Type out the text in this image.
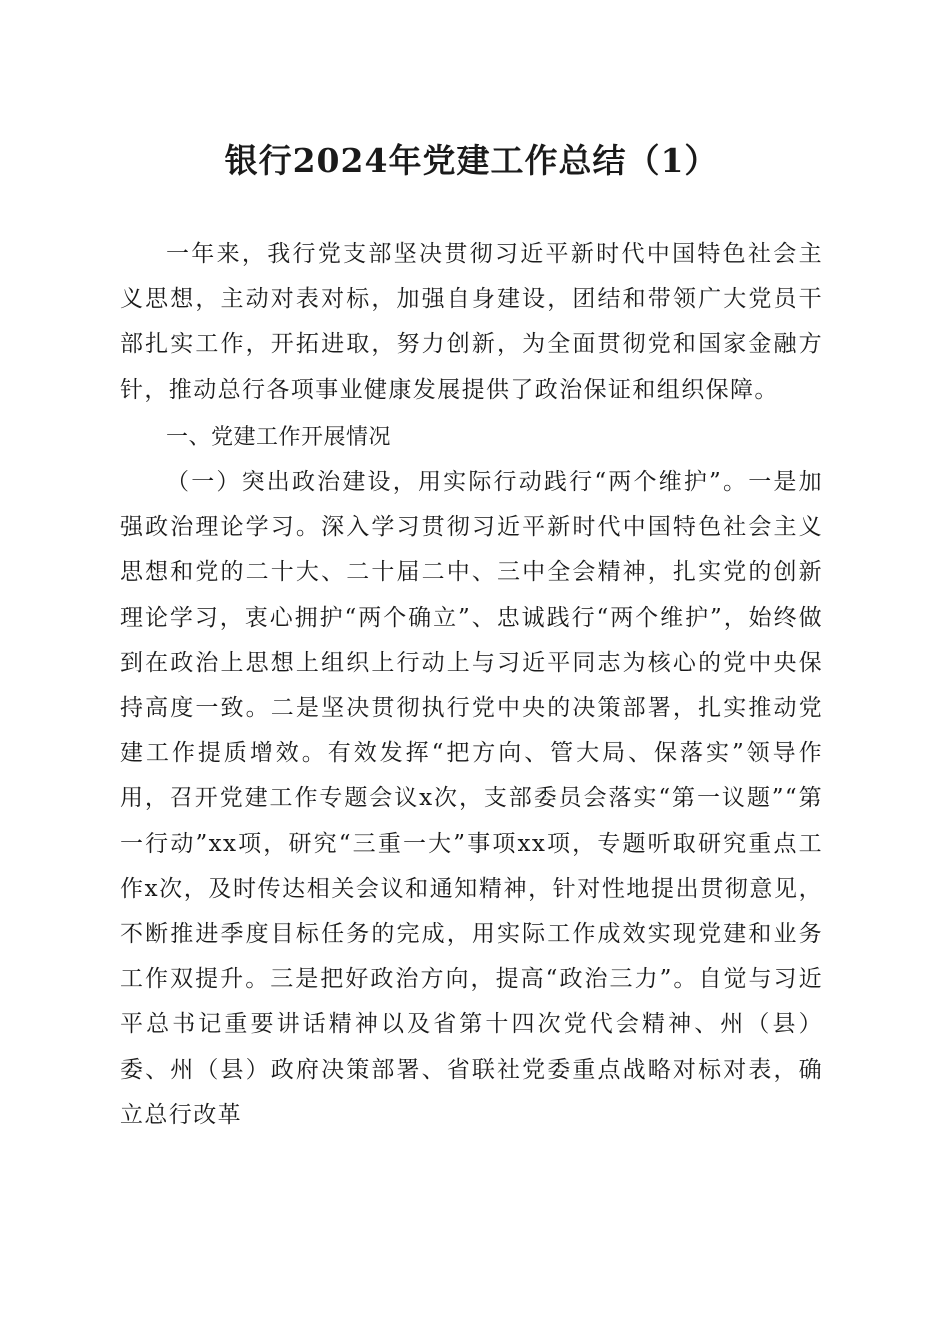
银行2024年党建工作总结（1）

一年来，我行党支部坚决贯彻习近平新时代中国特色社会主义思想，主动对表对标，加强自身建设，团结和带领广大党员干部扎实工作，开拓进取，努力创新，为全面贯彻党和国家金融方针，推动总行各项事业健康发展提供了政治保证和组织保障。

一、党建工作开展情况

（一）突出政治建设，用实际行动践行“两个维护”。一是加强政治理论学习。深入学习贯彻习近平新时代中国特色社会主义思想和党的二十大、二十届二中、三中全会精神，扎实党的创新理论学习，衷心拥护“两个确立”、忠诚践行“两个维护”，始终做到在政治上思想上组织上行动上与习近平同志为核心的党中央保持高度一致。二是坚决贯彻执行党中央的决策部署，扎实推动党建工作提质增效。有效发挥“把方向、管大局、保落实”领导作用，召开党建工作专题会议x次，支部委员会落实“第一议题”“第一行动”xx项，研究“三重一大”事项xx项，专题听取研究重点工作x次，及时传达相关会议和通知精神，针对性地提出贯彻意见，不断推进季度目标任务的完成，用实际工作成效实现党建和业务工作双提升。三是把好政治方向，提高“政治三力”。自觉与习近平总书记重要讲话精神以及省第十四次党代会精神、州（县）委、州（县）政府决策部署、省联社党委重点战略对标对表，确立总行改革
